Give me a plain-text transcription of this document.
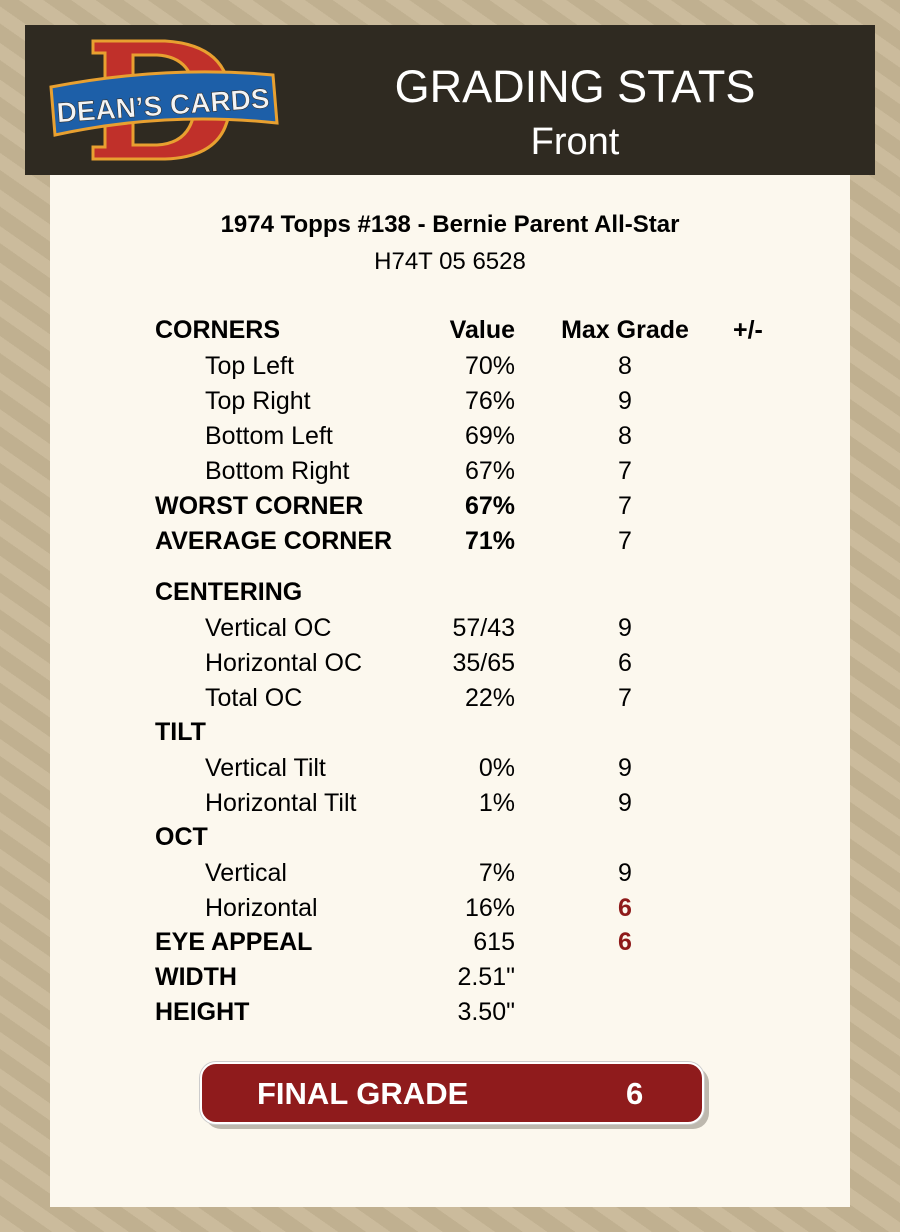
DEAN’S CARDS	GRADING STATS
Front
1974 Topps #138 - Bernie Parent All-Star
H74T 05 6528
CORNERS	Value	Max Grade	+/-
Top Left	70%	8
Top Right	76%	9
Bottom Left	69%	8
Bottom Right	67%	7
WORST CORNER	67%	7
AVERAGE CORNER	71%	7
CENTERING
Vertical OC	57/43	9
Horizontal OC	35/65	6
Total OC	22%	7
TILT
Vertical Tilt	0%	9
Horizontal Tilt	1%	9
OCT
Vertical	7%	9
Horizontal	16%	6
EYE APPEAL	615	6
WIDTH	2.51"
HEIGHT	3.50"
FINAL GRADE	6
